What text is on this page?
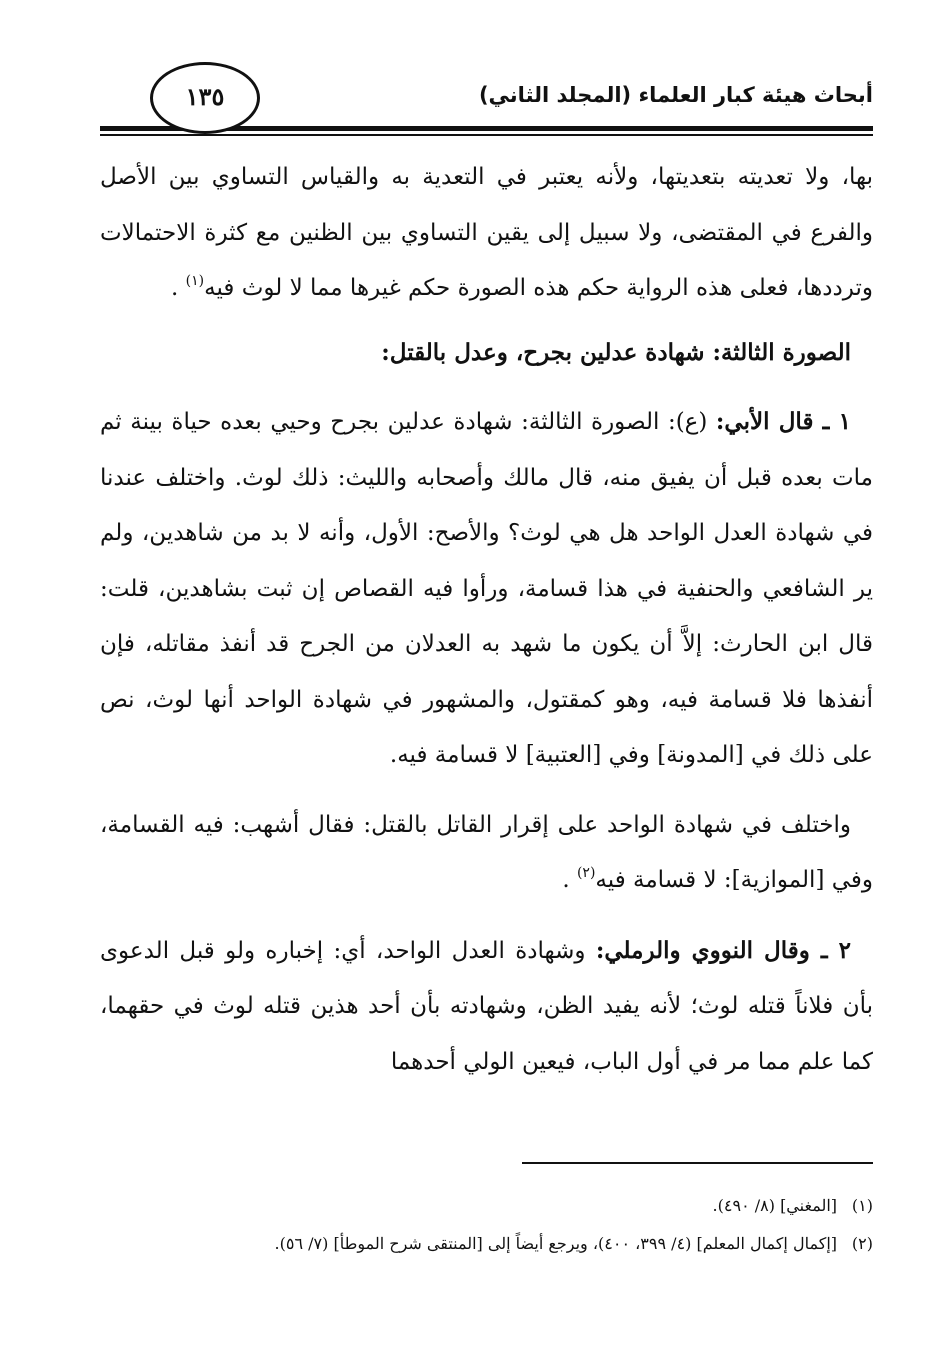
أبحاث هيئة كبار العلماء (المجلد الثاني)
١٣٥

بها، ولا تعديته بتعديتها، ولأنه يعتبر في التعدية به والقياس التساوي بين الأصل والفرع في المقتضى، ولا سبيل إلى يقين التساوي بين الظنين مع كثرة الاحتمالات وترددها، فعلى هذه الرواية حكم هذه الصورة حكم غيرها مما لا لوث فيه$^{(١)}$ .

الصورة الثالثة: شهادة عدلين بجرح، وعدل بالقتل:

١ ـ قال الأبي: (ع): الصورة الثالثة: شهادة عدلين بجرح وحيي بعده حياة بينة ثم مات بعده قبل أن يفيق منه، قال مالك وأصحابه والليث: ذلك لوث. واختلف عندنا في شهادة العدل الواحد هل هي لوث؟ والأصح: الأول، وأنه لا بد من شاهدين، ولم ير الشافعي والحنفية في هذا قسامة، ورأوا فيه القصاص إن ثبت بشاهدين، قلت: قال ابن الحارث: إلاَّ أن يكون ما شهد به العدلان من الجرح قد أنفذ مقاتله، فإن أنفذها فلا قسامة فيه، وهو كمقتول، والمشهور في شهادة الواحد أنها لوث، نص على ذلك في [المدونة] وفي [العتبية] لا قسامة فيه.

واختلف في شهادة الواحد على إقرار القاتل بالقتل: فقال أشهب: فيه القسامة، وفي [الموازية]: لا قسامة فيه$^{(٢)}$ .

٢ ـ وقال النووي والرملي: وشهادة العدل الواحد، أي: إخباره ولو قبل الدعوى بأن فلاناً قتله لوث؛ لأنه يفيد الظن، وشهادته بأن أحد هذين قتله لوث في حقهما، كما علم مما مر في أول الباب، فيعين الولي أحدهما

(١)[المغني] (٨/ ٤٩٠).
(٢)[إكمال إكمال المعلم] (٤/ ٣٩٩، ٤٠٠)، ويرجع أيضاً إلى [المنتقى شرح الموطأ] (٧/ ٥٦).
